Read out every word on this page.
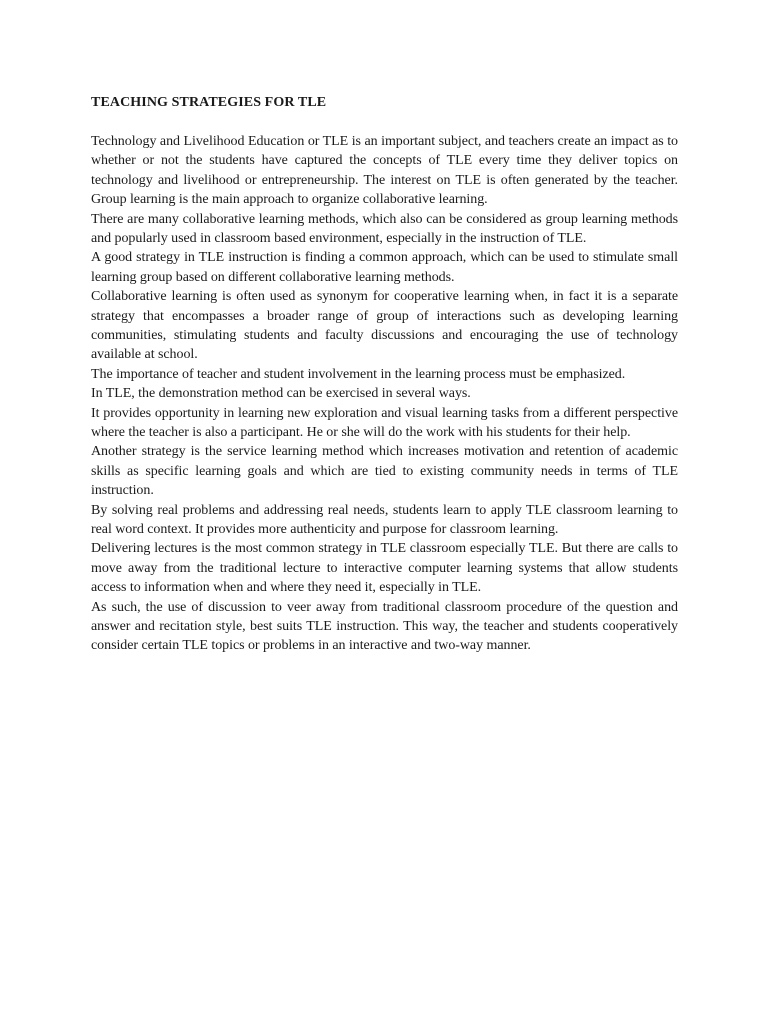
TEACHING STRATEGIES FOR TLE

Technology and Livelihood Education or TLE is an important subject, and teachers create an impact as to whether or not the students have captured the concepts of TLE every time they deliver topics on technology and livelihood or entrepreneurship. The interest on TLE is often generated by the teacher. Group learning is the main approach to organize collaborative learning.

There are many collaborative learning methods, which also can be considered as group learning methods and popularly used in classroom based environment, especially in the instruction of TLE.

A good strategy in TLE instruction is finding a common approach, which can be used to stimulate small learning group based on different collaborative learning methods.

Collaborative learning is often used as synonym for cooperative learning when, in fact it is a separate strategy that encompasses a broader range of group of interactions such as developing learning communities, stimulating students and faculty discussions and encouraging the use of technology available at school.

The importance of teacher and student involvement in the learning process must be emphasized.

In TLE, the demonstration method can be exercised in several ways.

It provides opportunity in learning new exploration and visual learning tasks from a different perspective where the teacher is also a participant. He or she will do the work with his students for their help.

Another strategy is the service learning method which increases motivation and retention of academic skills as specific learning goals and which are tied to existing community needs in terms of TLE instruction.

By solving real problems and addressing real needs, students learn to apply TLE classroom learning to real word context. It provides more authenticity and purpose for classroom learning.

Delivering lectures is the most common strategy in TLE classroom especially TLE. But there are calls to move away from the traditional lecture to interactive computer learning systems that allow students access to information when and where they need it, especially in TLE.

As such, the use of discussion to veer away from traditional classroom procedure of the question and answer and recitation style, best suits TLE instruction. This way, the teacher and students cooperatively consider certain TLE topics or problems in an interactive and two-way manner.
